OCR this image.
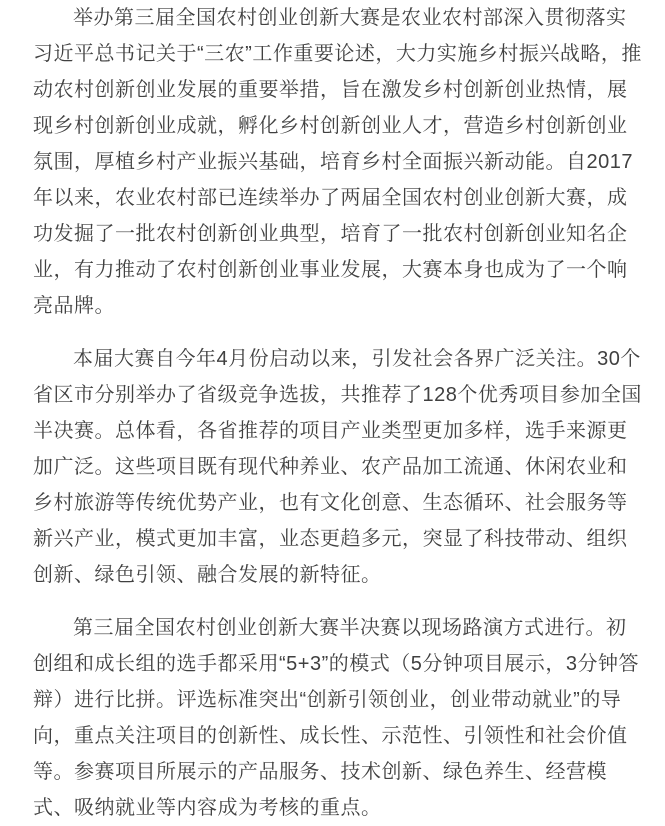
举办第三届全国农村创业创新大赛是农业农村部深入贯彻落实习近平总书记关于“三农”工作重要论述，大力实施乡村振兴战略，推动农村创新创业发展的重要举措，旨在激发乡村创新创业热情，展现乡村创新创业成就，孵化乡村创新创业人才，营造乡村创新创业氛围，厚植乡村产业振兴基础，培育乡村全面振兴新动能。自2017年以来，农业农村部已连续举办了两届全国农村创业创新大赛，成功发掘了一批农村创新创业典型，培育了一批农村创新创业知名企业，有力推动了农村创新创业事业发展，大赛本身也成为了一个响亮品牌。

本届大赛自今年4月份启动以来，引发社会各界广泛关注。30个省区市分别举办了省级竞争选拔，共推荐了128个优秀项目参加全国半决赛。总体看，各省推荐的项目产业类型更加多样，选手来源更加广泛。这些项目既有现代种养业、农产品加工流通、休闲农业和乡村旅游等传统优势产业，也有文化创意、生态循环、社会服务等新兴产业，模式更加丰富，业态更趋多元，突显了科技带动、组织创新、绿色引领、融合发展的新特征。

第三届全国农村创业创新大赛半决赛以现场路演方式进行。初创组和成长组的选手都采用“5+3”的模式（5分钟项目展示，3分钟答辩）进行比拼。评选标准突出“创新引领创业，创业带动就业”的导向，重点关注项目的创新性、成长性、示范性、引领性和社会价值等。参赛项目所展示的产品服务、技术创新、绿色养生、经营模式、吸纳就业等内容成为考核的重点。
